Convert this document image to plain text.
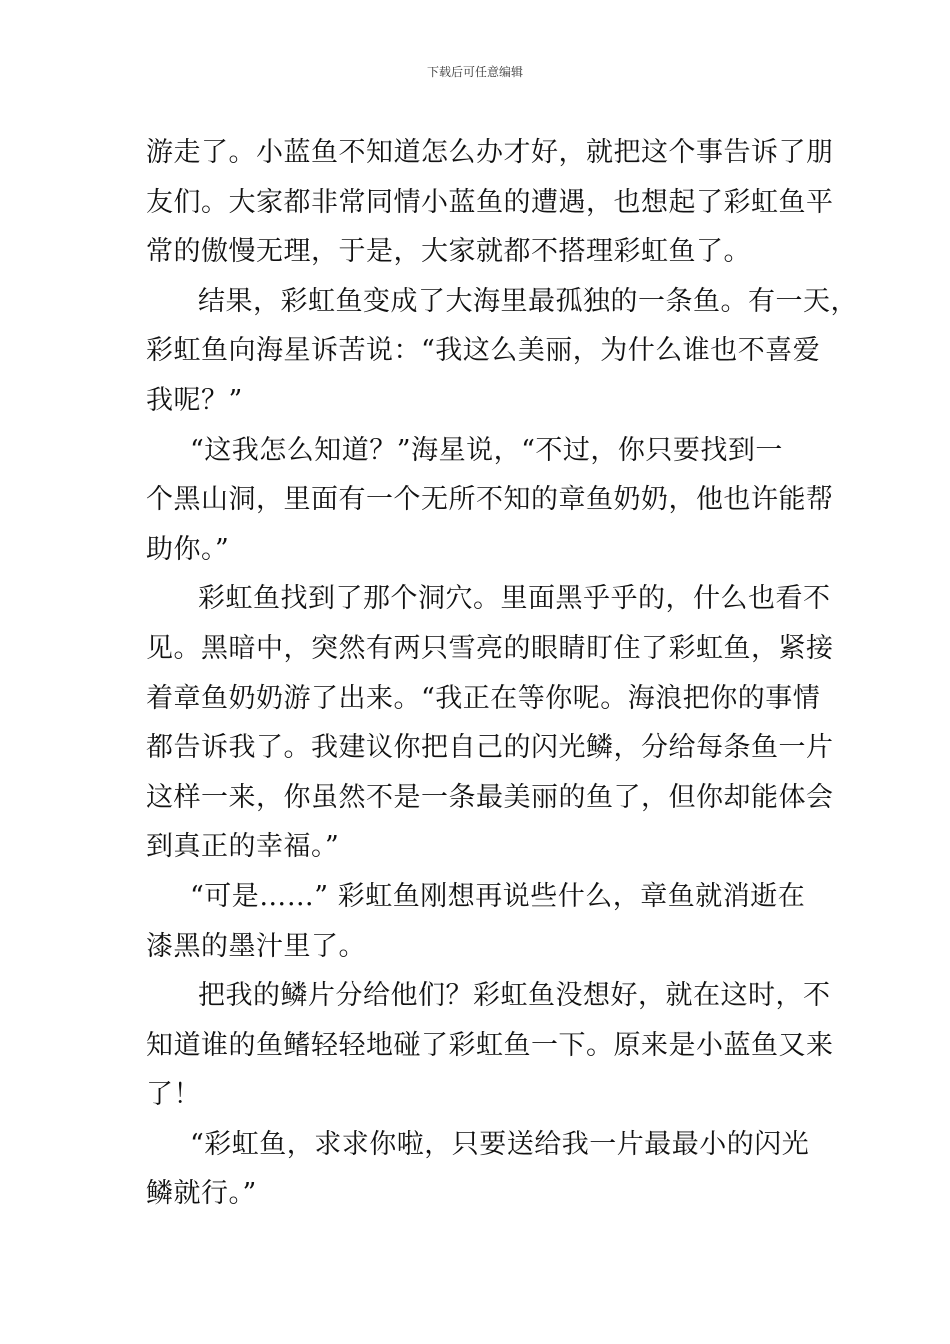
下载后可任意编辑
游走了。小蓝鱼不知道怎么办才好，就把这个事告诉了朋
友们。大家都非常同情小蓝鱼的遭遇，也想起了彩虹鱼平
常的傲慢无理，于是，大家就都不搭理彩虹鱼了。
结果，彩虹鱼变成了大海里最孤独的一条鱼。有一天，
彩虹鱼向海星诉苦说：“我这么美丽，为什么谁也不喜爱
我呢？”
“这我怎么知道？”海星说，“不过，你只要找到一
个黑山洞，里面有一个无所不知的章鱼奶奶，他也许能帮
助你。”
彩虹鱼找到了那个洞穴。里面黑乎乎的，什么也看不
见。黑暗中，突然有两只雪亮的眼睛盯住了彩虹鱼，紧接
着章鱼奶奶游了出来。“我正在等你呢。海浪把你的事情
都告诉我了。我建议你把自己的闪光鳞，分给每条鱼一片
这样一来，你虽然不是一条最美丽的鱼了，但你却能体会
到真正的幸福。”
“可是……” 彩虹鱼刚想再说些什么，章鱼就消逝在
漆黑的墨汁里了。
把我的鳞片分给他们？彩虹鱼没想好，就在这时，不
知道谁的鱼鳍轻轻地碰了彩虹鱼一下。原来是小蓝鱼又来
了！
“彩虹鱼，求求你啦，只要送给我一片最最小的闪光
鳞就行。”
